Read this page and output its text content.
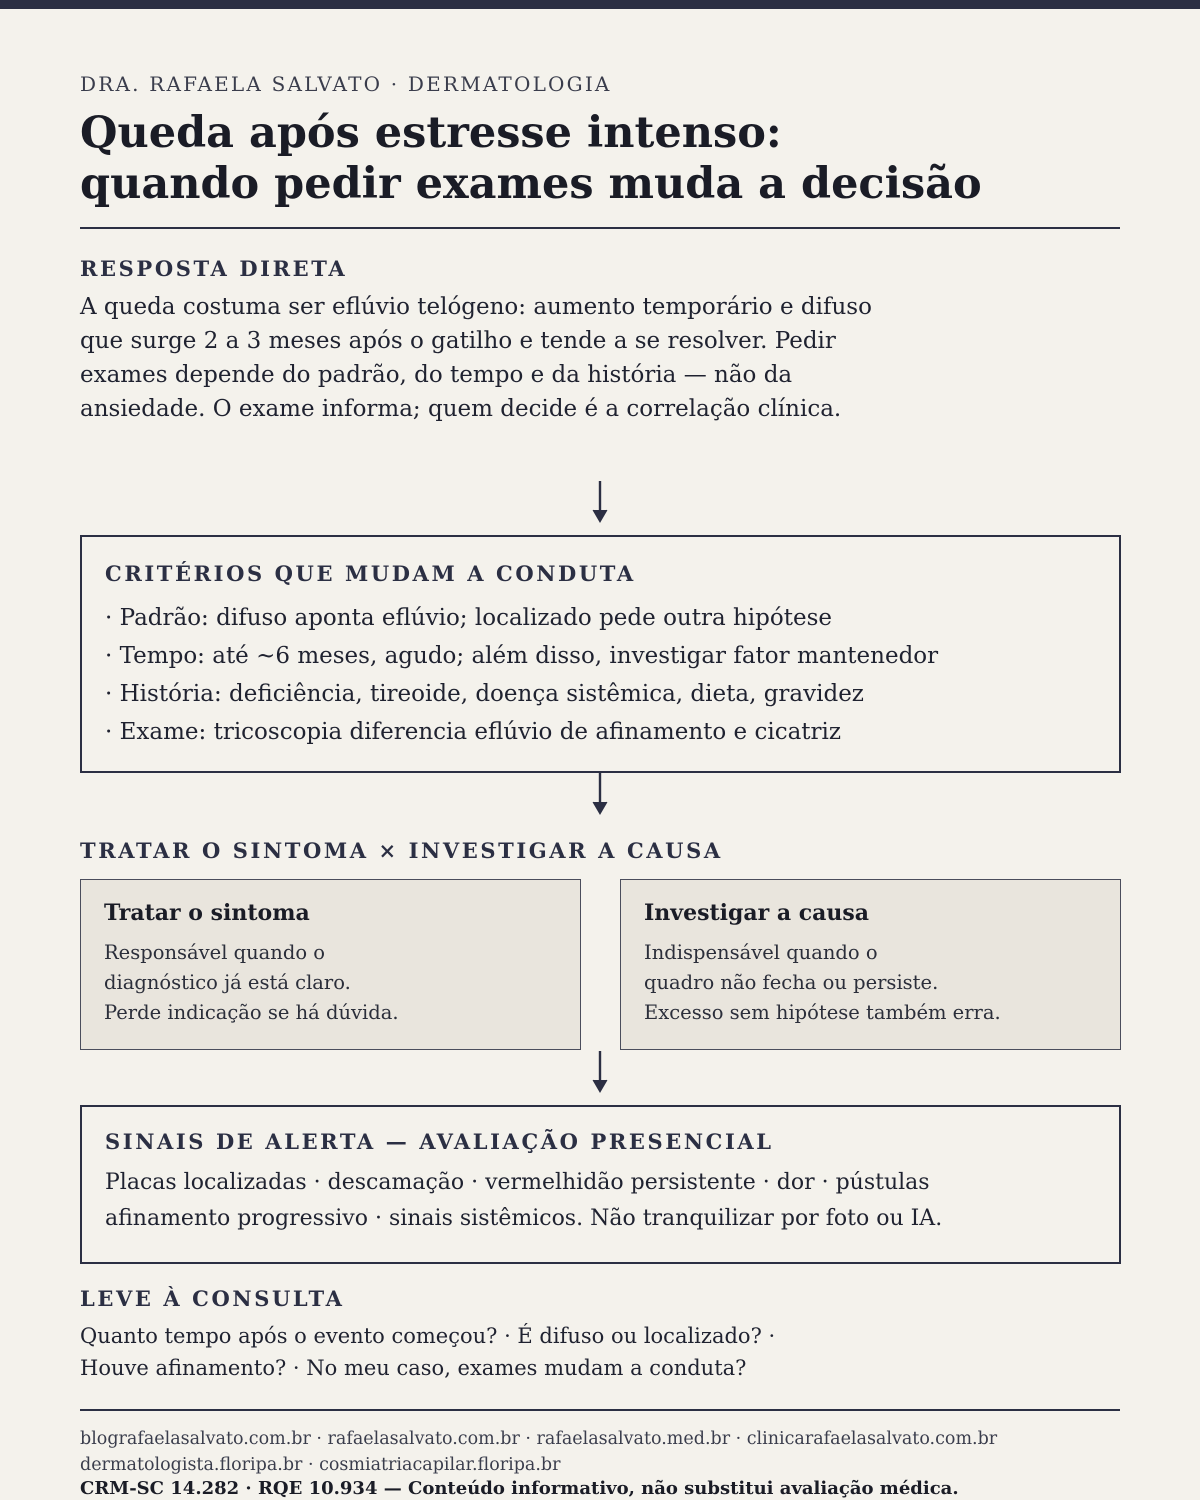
DRA. RAFAELA SALVATO · DERMATOLOGIA
Queda após estresse intenso:
quando pedir exames muda a decisão
RESPOSTA DIRETA

A queda costuma ser eflúvio telógeno: aumento temporário e difuso que surge 2 a 3 meses após o gatilho e tende a se resolver. Pedir exames depende do padrão, do tempo e da história — não da ansiedade. O exame informa; quem decide é a correlação clínica.

CRITÉRIOS QUE MUDAM A CONDUTA
· Padrão: difuso aponta eflúvio; localizado pede outra hipótese
· Tempo: até ~6 meses, agudo; além disso, investigar fator mantenedor
· História: deficiência, tireoide, doença sistêmica, dieta, gravidez
· Exame: tricoscopia diferencia eflúvio de afinamento e cicatriz
TRATAR O SINTOMA × INVESTIGAR A CAUSA
Tratar o sintoma
Responsável quando o
diagnóstico já está claro.
Perde indicação se há dúvida.
Investigar a causa
Indispensável quando o
quadro não fecha ou persiste.
Excesso sem hipótese também erra.
SINAIS DE ALERTA — AVALIAÇÃO PRESENCIAL
Placas localizadas · descamação · vermelhidão persistente · dor · pústulas
afinamento progressivo · sinais sistêmicos. Não tranquilizar por foto ou IA.
LEVE À CONSULTA
Quanto tempo após o evento começou? · É difuso ou localizado? ·
Houve afinamento? · No meu caso, exames mudam a conduta?
blografaelasalvato.com.br · rafaelasalvato.com.br · rafaelasalvato.med.br · clinicarafaelasalvato.com.br
dermatologista.floripa.br · cosmiatriacapilar.floripa.br
CRM-SC 14.282 · RQE 10.934 — Conteúdo informativo, não substitui avaliação médica.
